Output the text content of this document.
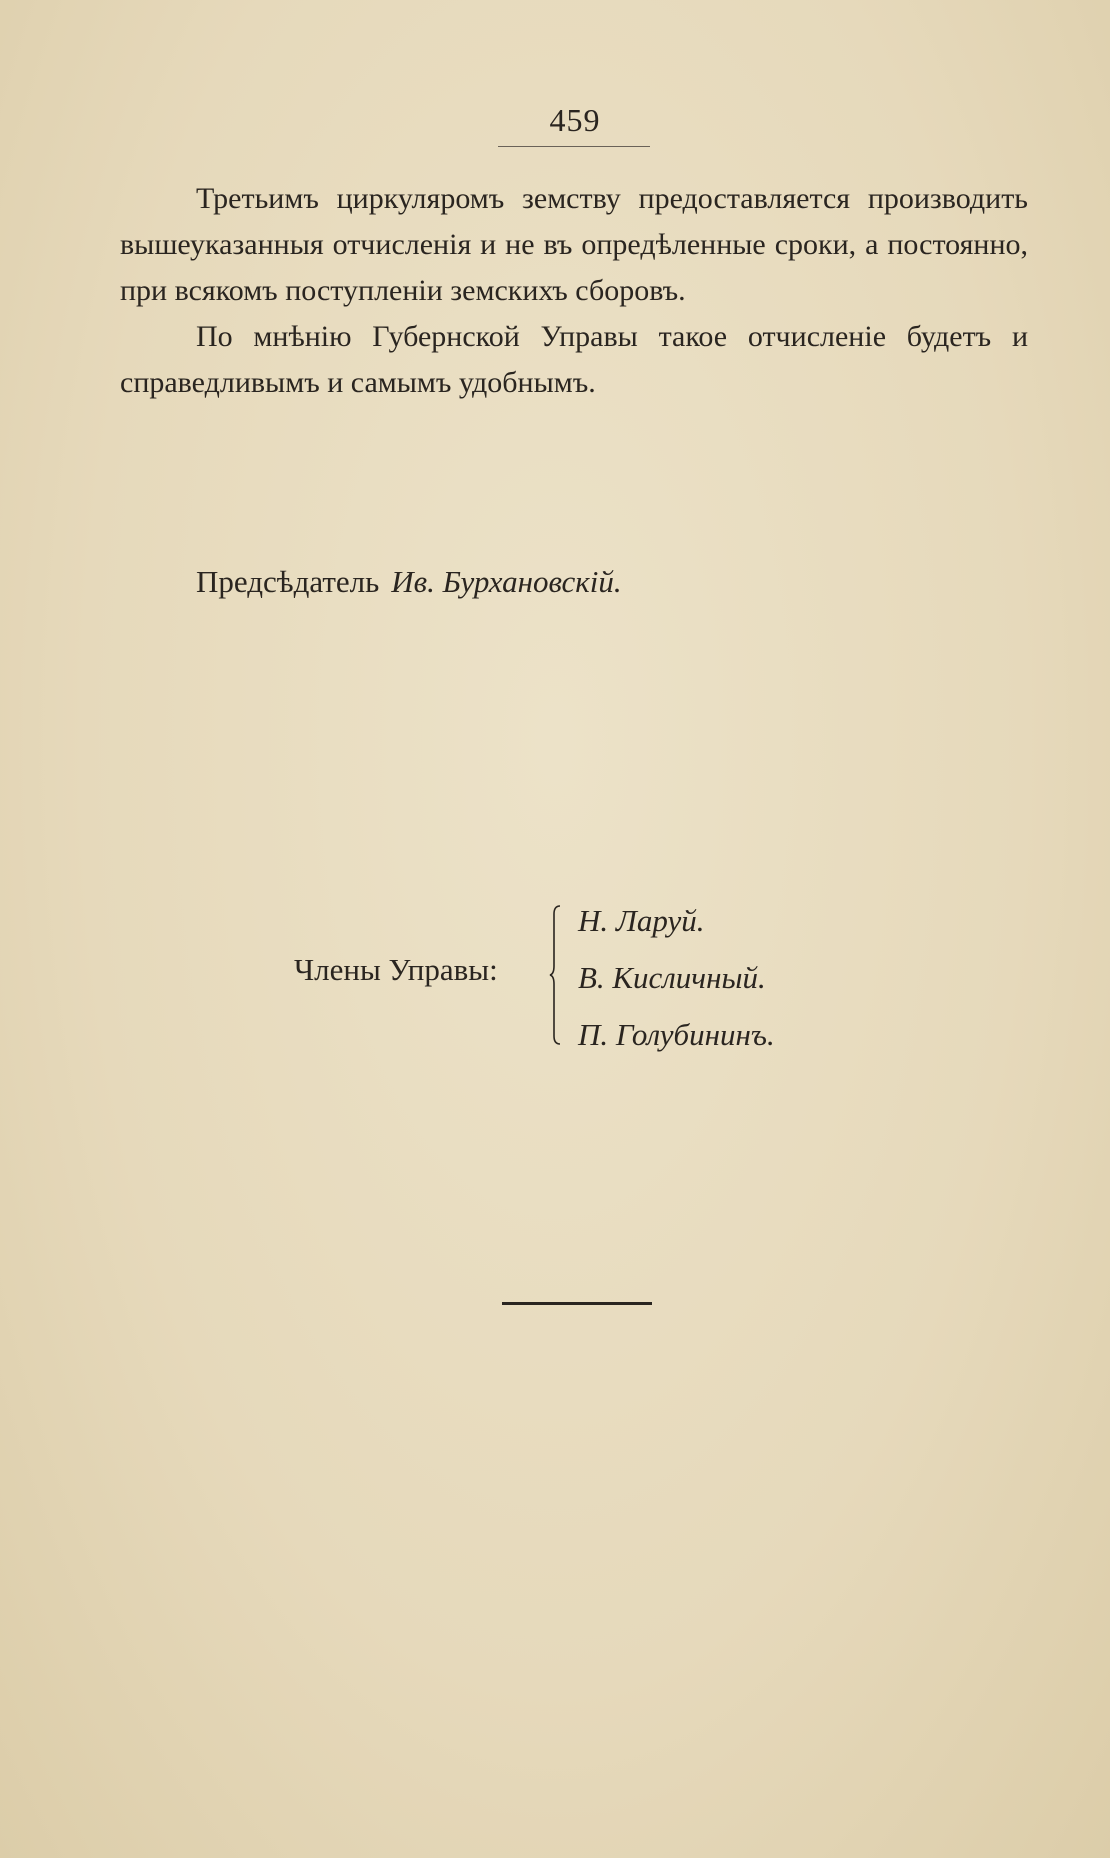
459

Третьимъ циркуляромъ земству предоставляется производить вышеуказанныя отчисленія и не въ опредѣленные сроки, а постоянно, при всякомъ поступленіи земскихъ сборовъ.

По мнѣнію Губернской Управы такое отчисленіе будетъ и справедливымъ и самымъ удобнымъ.

Предсѣдатель Ив. Бурхановскій.
Члены Управы:
Н. Ларуй.
В. Кисличный.
П. Голубининъ.
